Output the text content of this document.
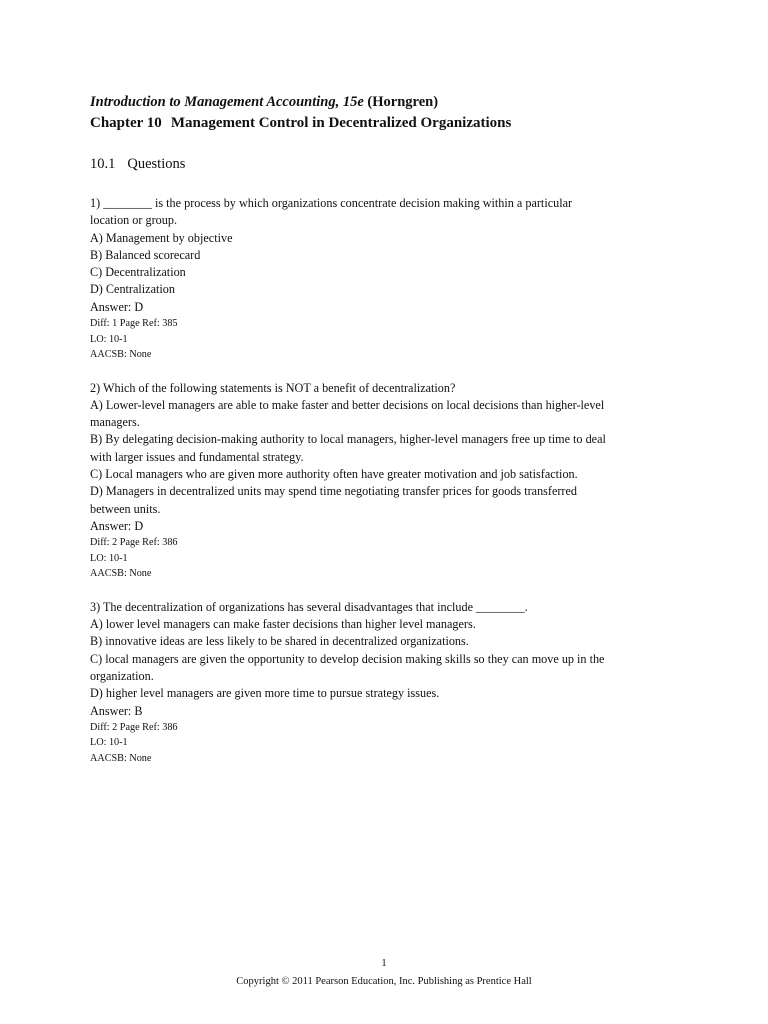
Introduction to Management Accounting, 15e (Horngren)
Chapter 10 Management Control in Decentralized Organizations
10.1 Questions
1) ________ is the process by which organizations concentrate decision making within a particular
location or group.
A) Management by objective
B) Balanced scorecard
C) Decentralization
D) Centralization
Answer: D
Diff: 1 Page Ref: 385
LO: 10-1
AACSB: None
2) Which of the following statements is NOT a benefit of decentralization?
A) Lower-level managers are able to make faster and better decisions on local decisions than higher-level
managers.
B) By delegating decision-making authority to local managers, higher-level managers free up time to deal
with larger issues and fundamental strategy.
C) Local managers who are given more authority often have greater motivation and job satisfaction.
D) Managers in decentralized units may spend time negotiating transfer prices for goods transferred
between units.
Answer: D
Diff: 2 Page Ref: 386
LO: 10-1
AACSB: None
3) The decentralization of organizations has several disadvantages that include ________.
A) lower level managers can make faster decisions than higher level managers.
B) innovative ideas are less likely to be shared in decentralized organizations.
C) local managers are given the opportunity to develop decision making skills so they can move up in the
organization.
D) higher level managers are given more time to pursue strategy issues.
Answer: B
Diff: 2 Page Ref: 386
LO: 10-1
AACSB: None
1
Copyright © 2011 Pearson Education, Inc. Publishing as Prentice Hall
